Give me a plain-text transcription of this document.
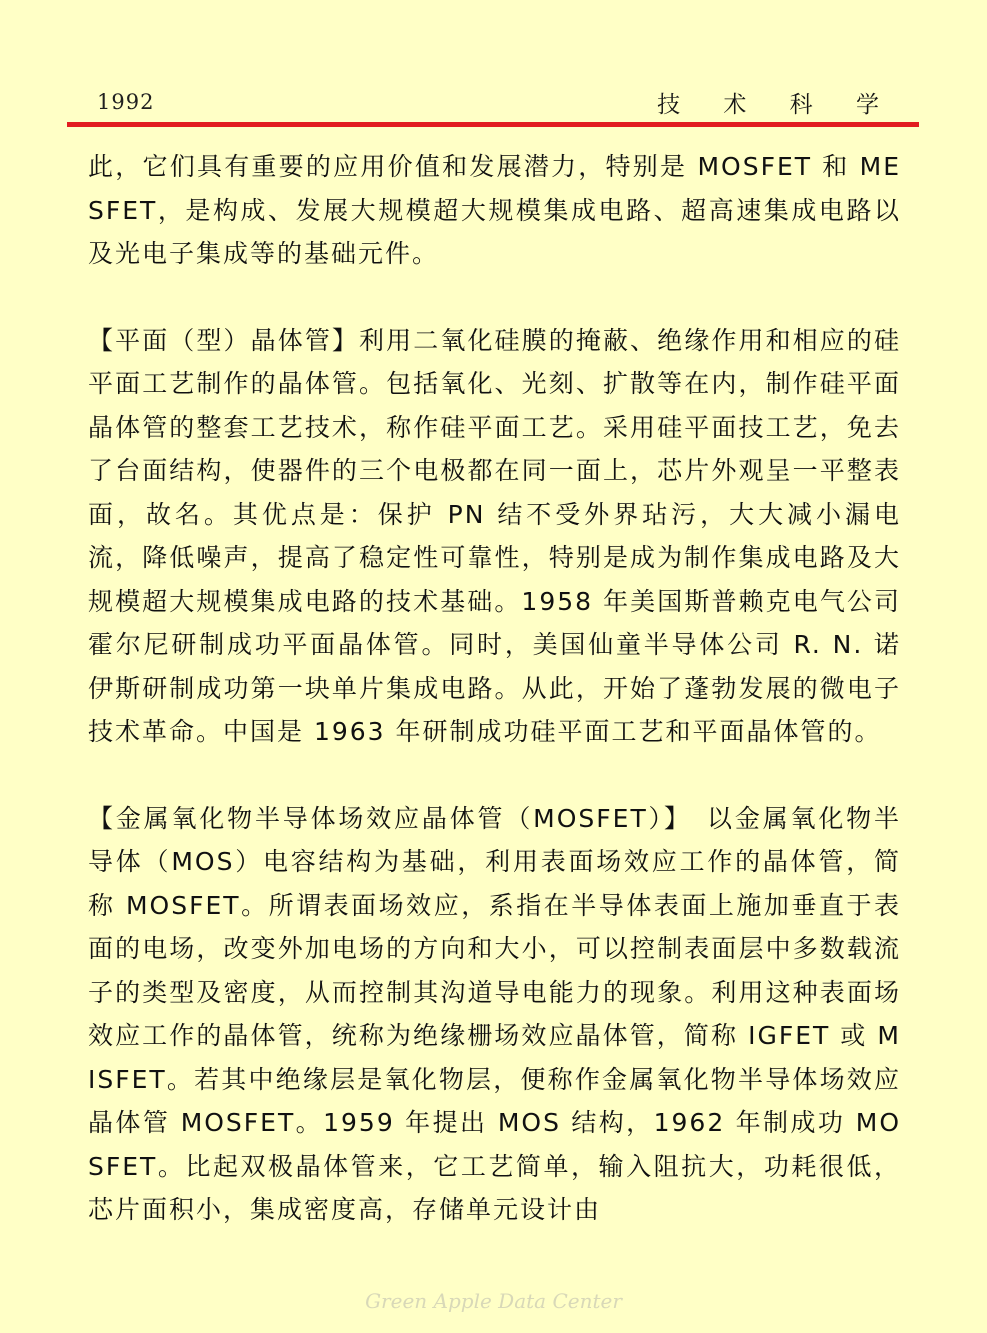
1992	技 术 科 学

此，它们具有重要的应用价值和发展潜力，特别是 MOSFET 和 MESFET，是构成、发展大规模超大规模集成电路、超高速集成电路以及光电子集成等的基础元件。

【平面（型）晶体管】利用二氧化硅膜的掩蔽、绝缘作用和相应的硅平面工艺制作的晶体管。包括氧化、光刻、扩散等在内，制作硅平面晶体管的整套工艺技术，称作硅平面工艺。采用硅平面技工艺，免去了台面结构，使器件的三个电极都在同一面上，芯片外观呈一平整表面，故名。其优点是：保护 PN 结不受外界玷污，大大减小漏电流，降低噪声，提高了稳定性可靠性，特别是成为制作集成电路及大规模超大规模集成电路的技术基础。1958 年美国斯普赖克电气公司霍尔尼研制成功平面晶体管。同时，美国仙童半导体公司 R. N. 诺伊斯研制成功第一块单片集成电路。从此，开始了蓬勃发展的微电子技术革命。中国是 1963 年研制成功硅平面工艺和平面晶体管的。

【金属氧化物半导体场效应晶体管（MOSFET）】　以金属氧化物半导体（MOS）电容结构为基础，利用表面场效应工作的晶体管，简称 MOSFET。所谓表面场效应，系指在半导体表面上施加垂直于表面的电场，改变外加电场的方向和大小，可以控制表面层中多数载流子的类型及密度，从而控制其沟道导电能力的现象。利用这种表面场效应工作的晶体管，统称为绝缘栅场效应晶体管，简称 IGFET 或 MISFET。若其中绝缘层是氧化物层，便称作金属氧化物半导体场效应晶体管 MOSFET。1959 年提出 MOS 结构，1962 年制成功 MOSFET。比起双极晶体管来，它工艺简单，输入阻抗大，功耗很低，芯片面积小，集成密度高，存储单元设计由

Green Apple Data Center
